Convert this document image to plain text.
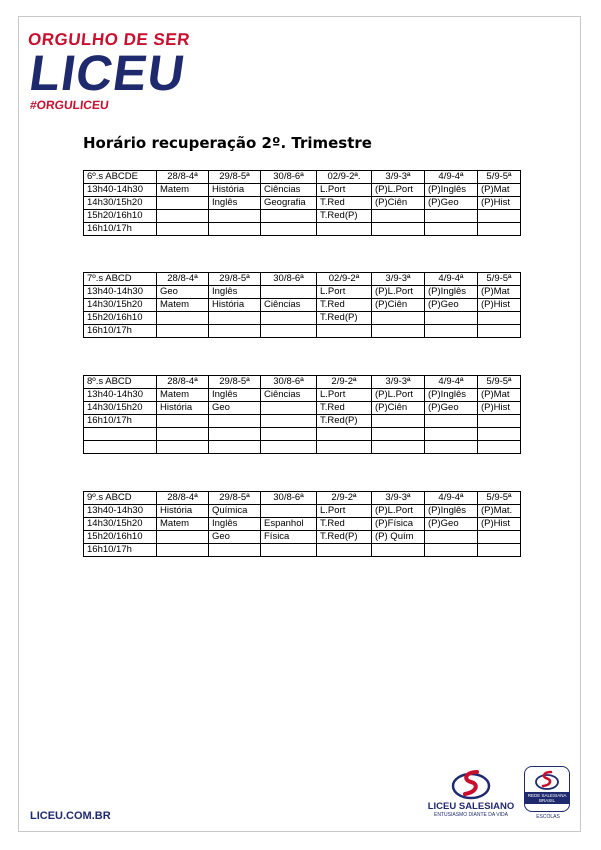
ORGULHO DE SER
LICEU
#ORGULICEU
Horário recuperação 2º. Trimestre
6º.s ABCDE	28/8-4ª	29/8-5ª	30/8-6ª	02/9-2ª.	3/9-3ª	4/9-4ª	5/9-5ª
13h40-14h30	Matem	História	Ciências	L.Port	(P)L.Port	(P)Inglês	(P)Mat
14h30/15h20		Inglês	Geografia	T.Red	(P)Ciên	(P)Geo	(P)Hist
15h20/16h10				T.Red(P)			
16h10/17h							
7º.s ABCD	28/8-4ª	29/8-5ª	30/8-6ª	02/9-2ª	3/9-3ª	4/9-4ª	5/9-5ª
13h40-14h30	Geo	Inglês		L.Port	(P)L.Port	(P)Inglês	(P)Mat
14h30/15h20	Matem	História	Ciências	T.Red	(P)Ciên	(P)Geo	(P)Hist
15h20/16h10				T.Red(P)			
16h10/17h							
8º.s ABCD	28/8-4ª	29/8-5ª	30/8-6ª	2/9-2ª	3/9-3ª	4/9-4ª	5/9-5ª
13h40-14h30	Matem	Inglês	Ciências	L.Port	(P)L.Port	(P)Inglês	(P)Mat
14h30/15h20	História	Geo		T.Red	(P)Ciên	(P)Geo	(P)Hist
16h10/17h				T.Red(P)			

9º.s ABCD	28/8-4ª	29/8-5ª	30/8-6ª	2/9-2ª	3/9-3ª	4/9-4ª	5/9-5ª
13h40-14h30	História	Química		L.Port	(P)L.Port	(P)Inglês	(P)Mat.
14h30/15h20	Matem	Inglês	Espanhol	T.Red	(P)Física	(P)Geo	(P)Hist
15h20/16h10		Geo	Física	T.Red(P)	(P) Quím		
16h10/17h							
LICEU.COM.BR
LICEU SALESIANO
ENTUSIASMO DIANTE DA VIDA
REDE SALESIANA BRASIL
ESCOLAS
